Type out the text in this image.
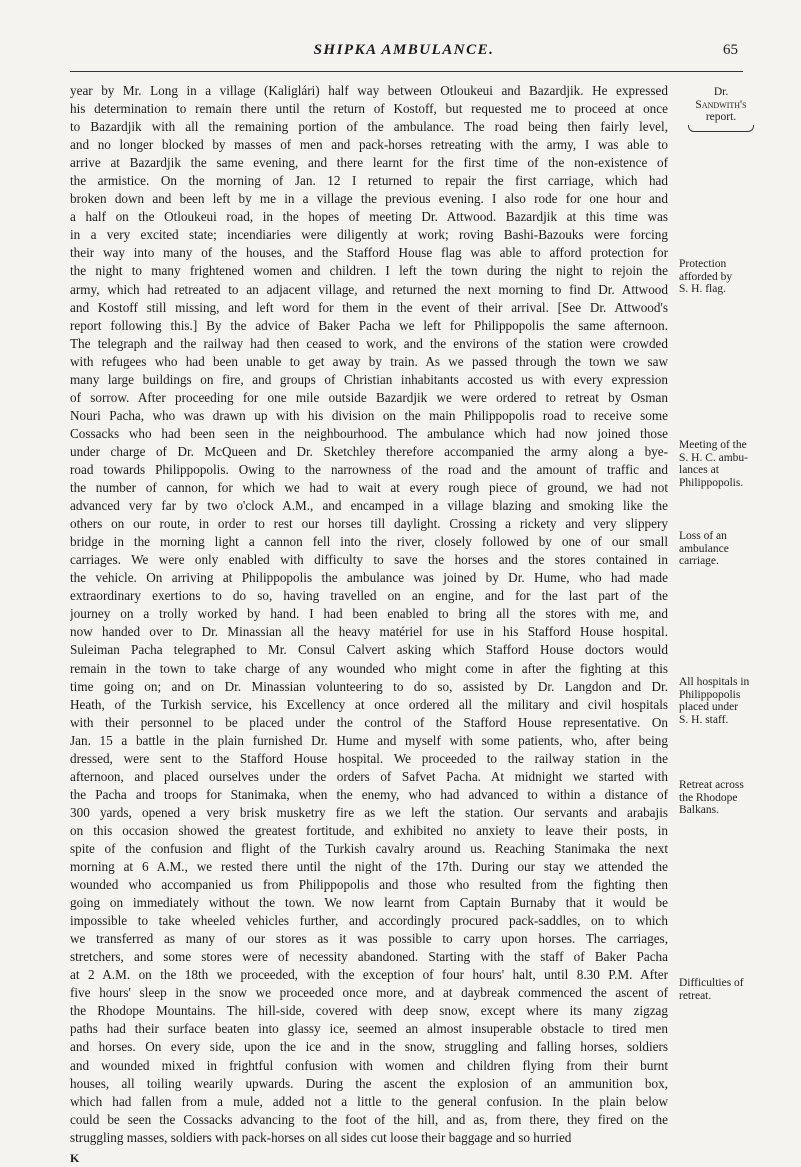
SHIPKA AMBULANCE.	65
year by Mr. Long in a village (Kaliglári) half way between Otloukeui and Bazardjik. He expressed
his determination to remain there until the return of Kostoff, but requested me to proceed at once
to Bazardjik with all the remaining portion of the ambulance. The road being then fairly level,
and no longer blocked by masses of men and pack-horses retreating with the army, I was able to
arrive at Bazardjik the same evening, and there learnt for the first time of the non-existence of
the armistice. On the morning of Jan. 12 I returned to repair the first carriage, which had
broken down and been left by me in a village the previous evening. I also rode for one hour and
a half on the Otloukeui road, in the hopes of meeting Dr. Attwood. Bazardjik at this time was
in a very excited state; incendiaries were diligently at work; roving Bashi-Bazouks were forcing
their way into many of the houses, and the Stafford House flag was able to afford protection for
the night to many frightened women and children. I left the town during the night to rejoin the
army, which had retreated to an adjacent village, and returned the next morning to find Dr. Attwood
and Kostoff still missing, and left word for them in the event of their arrival. [See Dr. Attwood's
report following this.] By the advice of Baker Pacha we left for Philippopolis the same afternoon.
The telegraph and the railway had then ceased to work, and the environs of the station were crowded
with refugees who had been unable to get away by train. As we passed through the town we saw
many large buildings on fire, and groups of Christian inhabitants accosted us with every expression
of sorrow. After proceeding for one mile outside Bazardjik we were ordered to retreat by Osman
Nouri Pacha, who was drawn up with his division on the main Philippopolis road to receive some
Cossacks who had been seen in the neighbourhood. The ambulance which had now joined those
under charge of Dr. McQueen and Dr. Sketchley therefore accompanied the army along a bye-
road towards Philippopolis. Owing to the narrowness of the road and the amount of traffic and
the number of cannon, for which we had to wait at every rough piece of ground, we had not
advanced very far by two o'clock A.M., and encamped in a village blazing and smoking like the
others on our route, in order to rest our horses till daylight. Crossing a rickety and very slippery
bridge in the morning light a cannon fell into the river, closely followed by one of our small
carriages. We were only enabled with difficulty to save the horses and the stores contained in
the vehicle. On arriving at Philippopolis the ambulance was joined by Dr. Hume, who had made
extraordinary exertions to do so, having travelled on an engine, and for the last part of the
journey on a trolly worked by hand. I had been enabled to bring all the stores with me, and
now handed over to Dr. Minassian all the heavy matériel for use in his Stafford House hospital.
Suleiman Pacha telegraphed to Mr. Consul Calvert asking which Stafford House doctors would
remain in the town to take charge of any wounded who might come in after the fighting at this
time going on; and on Dr. Minassian volunteering to do so, assisted by Dr. Langdon and Dr.
Heath, of the Turkish service, his Excellency at once ordered all the military and civil hospitals
with their personnel to be placed under the control of the Stafford House representative. On
Jan. 15 a battle in the plain furnished Dr. Hume and myself with some patients, who, after being
dressed, were sent to the Stafford House hospital. We proceeded to the railway station in the
afternoon, and placed ourselves under the orders of Safvet Pacha. At midnight we started with
the Pacha and troops for Stanimaka, when the enemy, who had advanced to within a distance of
300 yards, opened a very brisk musketry fire as we left the station. Our servants and arabajis
on this occasion showed the greatest fortitude, and exhibited no anxiety to leave their posts, in
spite of the confusion and flight of the Turkish cavalry around us. Reaching Stanimaka the next
morning at 6 A.M., we rested there until the night of the 17th. During our stay we attended the
wounded who accompanied us from Philippopolis and those who resulted from the fighting then
going on immediately without the town. We now learnt from Captain Burnaby that it would be
impossible to take wheeled vehicles further, and accordingly procured pack-saddles, on to which
we transferred as many of our stores as it was possible to carry upon horses. The carriages,
stretchers, and some stores were of necessity abandoned. Starting with the staff of Baker Pacha
at 2 A.M. on the 18th we proceeded, with the exception of four hours' halt, until 8.30 P.M. After
five hours' sleep in the snow we proceeded once more, and at daybreak commenced the ascent of
the Rhodope Mountains. The hill-side, covered with deep snow, except where its many zigzag
paths had their surface beaten into glassy ice, seemed an almost insuperable obstacle to tired men
and horses. On every side, upon the ice and in the snow, struggling and falling horses, soldiers
and wounded mixed in frightful confusion with women and children flying from their burnt
houses, all toiling wearily upwards. During the ascent the explosion of an ammunition box,
which had fallen from a mule, added not a little to the general confusion. In the plain below
could be seen the Cossacks advancing to the foot of the hill, and as, from there, they fired on the
struggling masses, soldiers with pack-horses on all sides cut loose their baggage and so hurried
K
Dr.
Sandwith's
report.
Protection
afforded by
S. H. flag.
Meeting of the
S. H. C. ambu-
lances at
Philippopolis.
Loss of an
ambulance
carriage.
All hospitals in
Philippopolis
placed under
S. H. staff.
Retreat across
the Rhodope
Balkans.
Difficulties of
retreat.
